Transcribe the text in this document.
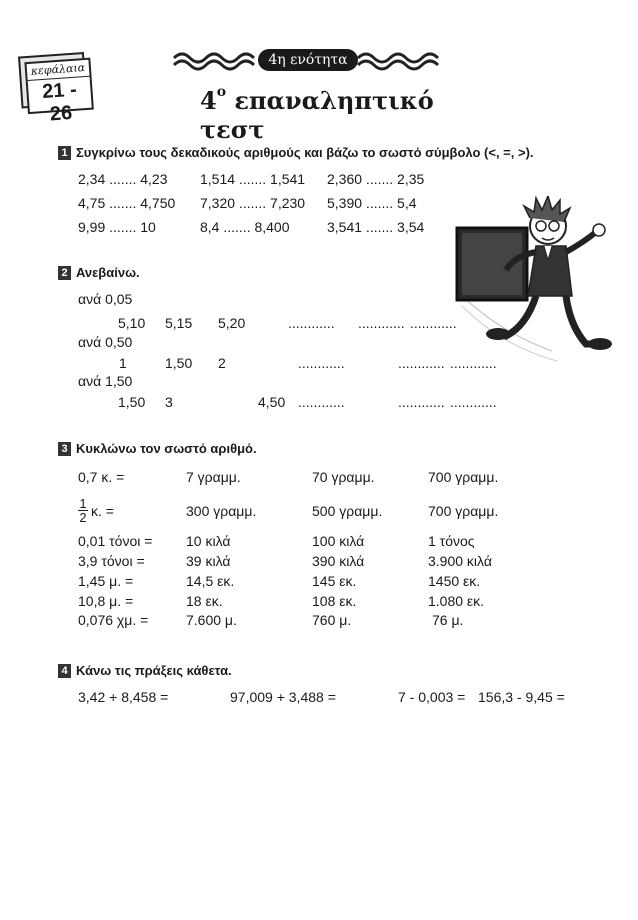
κεφάλαια
21 - 26
4η ενότητα
$4^o$ επαναληπτικό τεστ
1 Συγκρίνω τους δεκαδικούς αριθμούς και βάζω το σωστό σύμβολο (<, =, >).
2,34 ....... 4,23 1,514 ....... 1,541 2,360 ....... 2,35
4,75 ....... 4,750 7,320 ....... 7,230 5,390 ....... 5,4
9,99 ....... 10	8,4 ....... 8,400	3,541 ....... 3,54
2 Ανεβαίνω.
ανά 0,05
5,10 5,15 5,20	............ ............ ............
ανά 0,50
1	1,50 2	............	............ ............
ανά 1,50
1,50 3	4,50 ............	............ ............
3 Κυκλώνω τον σωστό αριθμό.
0,7 κ. =	7 γραμμ.	70 γραμμ.	700 γραμμ.
$\frac{1}{2} \kappa$. =	300 γραμμ.	500 γραμμ.	700 γραμμ.
0,01 τόνοι = 10 κιλά	100 κιλά	1 τόνος
3,9 τόνοι =	39 κιλά	390 κιλά	3.900 κιλά
1,45 μ. =	14,5 εκ.	145 εκ.	1450 εκ.
10,8 μ. =	18 εκ.	108 εκ.	1.080 εκ.
0,076 χμ. =	7.600 μ.	760 μ.	76 μ.
4 Κάνω τις πράξεις κάθετα.
3,42 + 8,458 =	97,009 + 3,488 =	7 - 0,003 = 156,3 - 9,45 =
